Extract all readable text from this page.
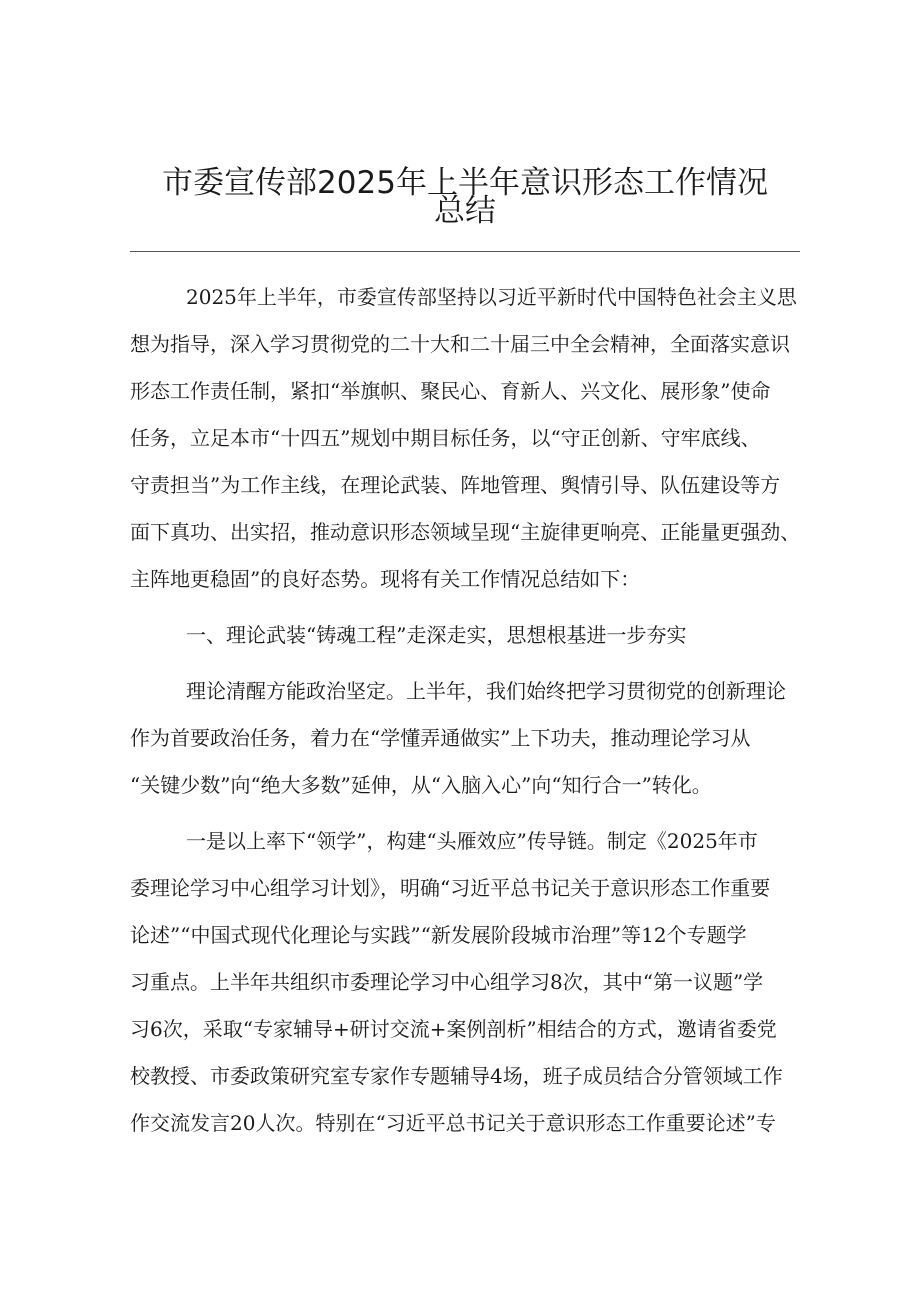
市委宣传部2025年上半年意识形态工作情况
总结
2025年上半年，市委宣传部坚持以习近平新时代中国特色社会主义思
想为指导，深入学习贯彻党的二十大和二十届三中全会精神，全面落实意识
形态工作责任制，紧扣“举旗帜、聚民心、育新人、兴文化、展形象”使命
任务，立足本市“十四五”规划中期目标任务，以“守正创新、守牢底线、
守责担当”为工作主线，在理论武装、阵地管理、舆情引导、队伍建设等方
面下真功、出实招，推动意识形态领域呈现“主旋律更响亮、正能量更强劲、
主阵地更稳固”的良好态势。现将有关工作情况总结如下：
一、理论武装“铸魂工程”走深走实，思想根基进一步夯实
理论清醒方能政治坚定。上半年，我们始终把学习贯彻党的创新理论
作为首要政治任务，着力在“学懂弄通做实”上下功夫，推动理论学习从
“关键少数”向“绝大多数”延伸，从“入脑入心”向“知行合一”转化。
一是以上率下“领学”，构建“头雁效应”传导链。制定《2025年市
委理论学习中心组学习计划》，明确“习近平总书记关于意识形态工作重要
论述”“中国式现代化理论与实践”“新发展阶段城市治理”等12个专题学
习重点。上半年共组织市委理论学习中心组学习8次，其中“第一议题”学
习6次，采取“专家辅导+研讨交流+案例剖析”相结合的方式，邀请省委党
校教授、市委政策研究室专家作专题辅导4场，班子成员结合分管领域工作
作交流发言20人次。特别在“习近平总书记关于意识形态工作重要论述”专
